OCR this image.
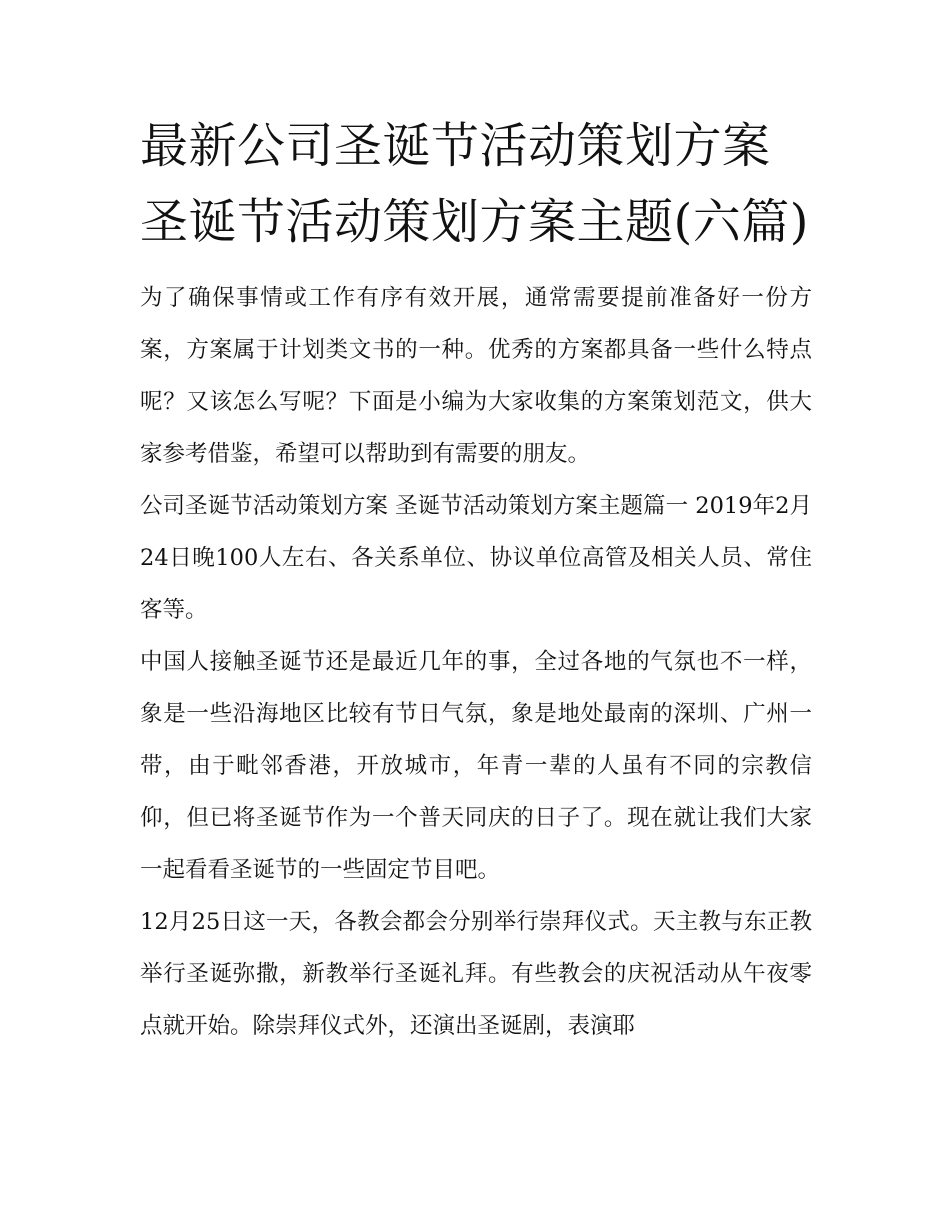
最新公司圣诞节活动策划方案 圣诞节活动策划方案主题(六篇)

为了确保事情或工作有序有效开展，通常需要提前准备好一份方案，方案属于计划类文书的一种。优秀的方案都具备一些什么特点呢？又该怎么写呢？下面是小编为大家收集的方案策划范文，供大家参考借鉴，希望可以帮助到有需要的朋友。

公司圣诞节活动策划方案 圣诞节活动策划方案主题篇一 2019年2月24日晚100人左右、各关系单位、协议单位高管及相关人员、常住客等。

中国人接触圣诞节还是最近几年的事，全过各地的气氛也不一样，象是一些沿海地区比较有节日气氛，象是地处最南的深圳、广州一带，由于毗邻香港，开放城市，年青一辈的人虽有不同的宗教信仰，但已将圣诞节作为一个普天同庆的日子了。现在就让我们大家一起看看圣诞节的一些固定节目吧。

12月25日这一天，各教会都会分别举行崇拜仪式。天主教与东正教举行圣诞弥撒，新教举行圣诞礼拜。有些教会的庆祝活动从午夜零点就开始。除崇拜仪式外，还演出圣诞剧，表演耶
